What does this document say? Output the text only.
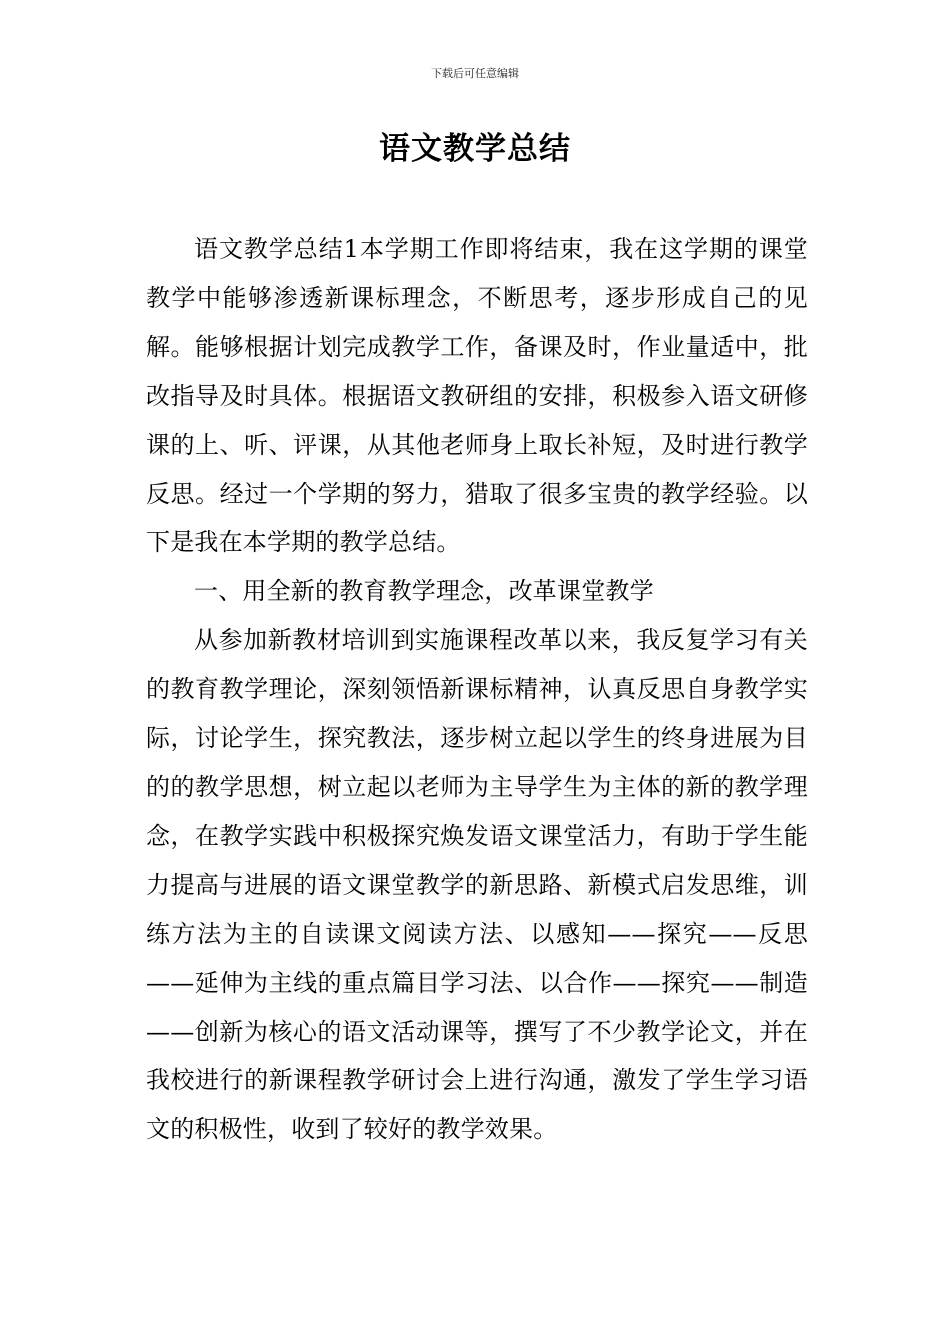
下载后可任意编辑
语文教学总结

语文教学总结1本学期工作即将结束，我在这学期的课堂教学中能够渗透新课标理念，不断思考，逐步形成自己的见解。能够根据计划完成教学工作，备课及时，作业量适中，批改指导及时具体。根据语文教研组的安排，积极参入语文研修课的上、听、评课，从其他老师身上取长补短，及时进行教学反思。经过一个学期的努力，猎取了很多宝贵的教学经验。以下是我在本学期的教学总结。

一、用全新的教育教学理念，改革课堂教学

从参加新教材培训到实施课程改革以来，我反复学习有关的教育教学理论，深刻领悟新课标精神，认真反思自身教学实际，讨论学生，探究教法，逐步树立起以学生的终身进展为目的的教学思想，树立起以老师为主导学生为主体的新的教学理念，在教学实践中积极探究焕发语文课堂活力，有助于学生能力提高与进展的语文课堂教学的新思路、新模式启发思维，训练方法为主的自读课文阅读方法、以感知——探究——反思——延伸为主线的重点篇目学习法、以合作——探究——制造——创新为核心的语文活动课等，撰写了不少教学论文，并在我校进行的新课程教学研讨会上进行沟通，激发了学生学习语文的积极性，收到了较好的教学效果。
